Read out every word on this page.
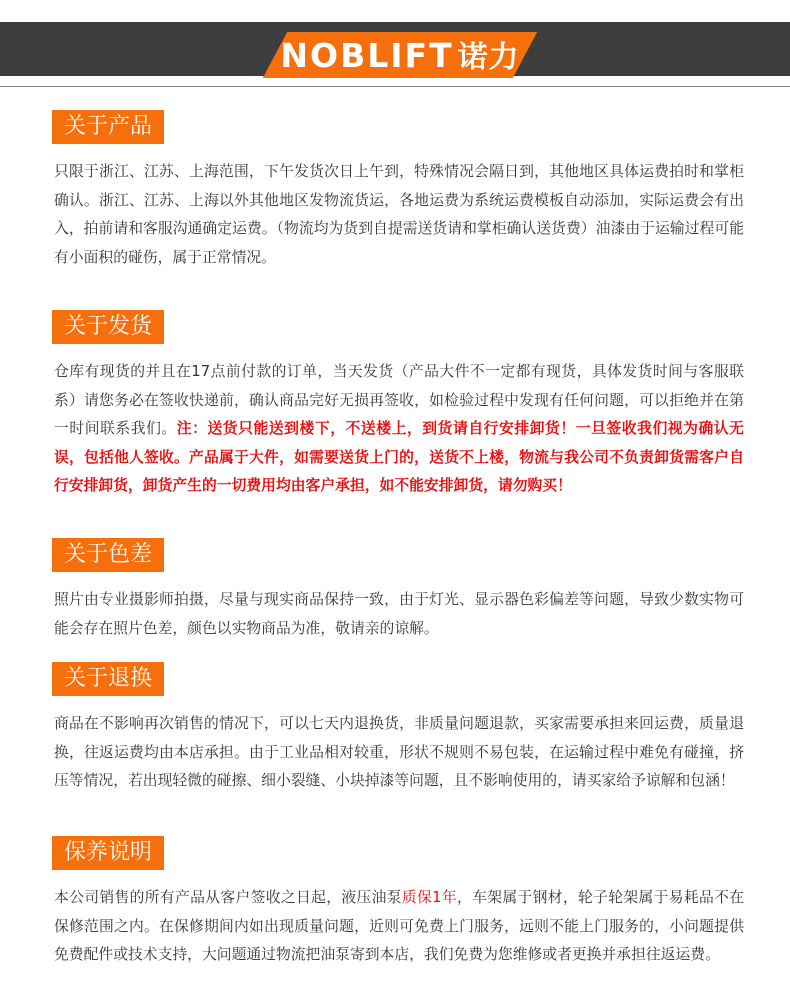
NOBLIFT 诺力
关于产品
只限于浙江、江苏、上海范围，下午发货次日上午到，特殊情况会隔日到，其他地区具体运费拍时和掌柜确认。浙江、江苏、上海以外其他地区发物流货运，各地运费为系统运费模板自动添加，实际运费会有出入，拍前请和客服沟通确定运费。（物流均为货到自提需送货请和掌柜确认送货费）油漆由于运输过程可能有小面积的碰伤，属于正常情况。
关于发货
仓库有现货的并且在17点前付款的订单，当天发货（产品大件不一定都有现货，具体发货时间与客服联系）请您务必在签收快递前，确认商品完好无损再签收，如检验过程中发现有任何问题，可以拒绝并在第一时间联系我们。注：送货只能送到楼下，不送楼上，到货请自行安排卸货！一旦签收我们视为确认无误，包括他人签收。产品属于大件，如需要送货上门的，送货不上楼，物流与我公司不负责卸货需客户自行安排卸货，卸货产生的一切费用均由客户承担，如不能安排卸货，请勿购买！
关于色差
照片由专业摄影师拍摄，尽量与现实商品保持一致，由于灯光、显示器色彩偏差等问题，导致少数实物可能会存在照片色差，颜色以实物商品为准，敬请亲的谅解。
关于退换
商品在不影响再次销售的情况下，可以七天内退换货，非质量问题退款，买家需要承担来回运费，质量退换，往返运费均由本店承担。由于工业品相对较重，形状不规则不易包装，在运输过程中难免有碰撞，挤压等情况，若出现轻微的碰擦、细小裂缝、小块掉漆等问题，且不影响使用的，请买家给予谅解和包涵！
保养说明
本公司销售的所有产品从客户签收之日起，液压油泵质保1年，车架属于钢材，轮子轮架属于易耗品不在保修范围之内。在保修期间内如出现质量问题，近则可免费上门服务，远则不能上门服务的，小问题提供免费配件或技术支持，大问题通过物流把油泵寄到本店，我们免费为您维修或者更换并承担往返运费。
